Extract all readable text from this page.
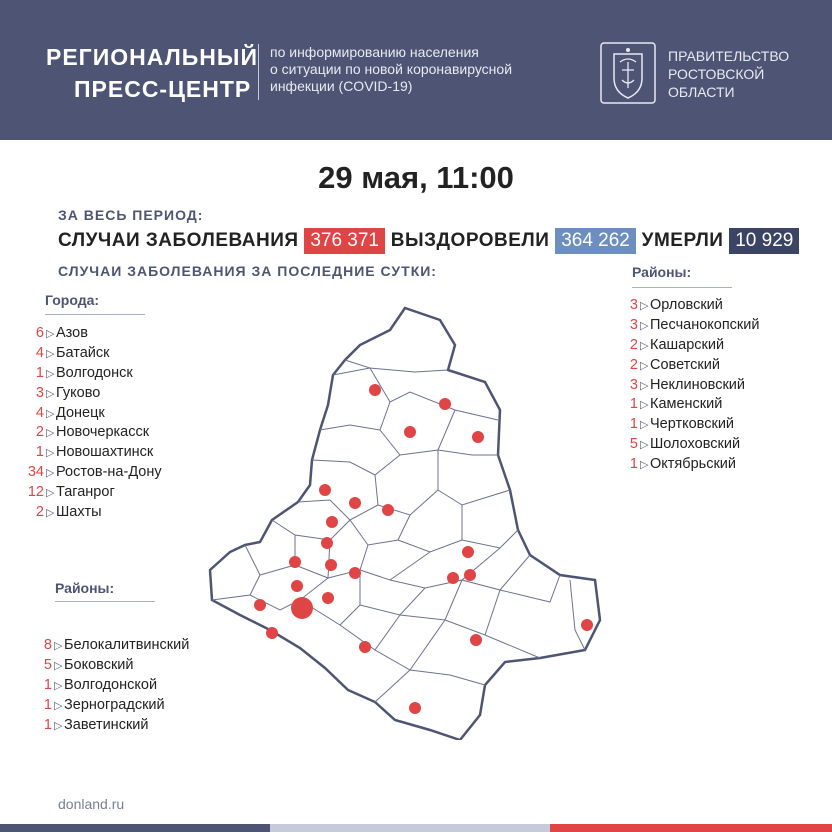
РЕГИОНАЛЬНЫЙ
ПРЕСС-ЦЕНТР
по информированию населения
о ситуации по новой коронавирусной
инфекции (COVID-19)
ПРАВИТЕЛЬСТВО
РОСТОВСКОЙ
ОБЛАСТИ
29 мая, 11:00
ЗА ВЕСЬ ПЕРИОД:
СЛУЧАИ ЗАБОЛЕВАНИЯ 376 371 ВЫЗДОРОВЕЛИ 364 262 УМЕРЛИ 10 929
СЛУЧАИ ЗАБОЛЕВАНИЯ ЗА ПОСЛЕДНИЕ СУТКИ:
Города:
6 ▷ Азов
4 ▷ Батайск
1 ▷ Волгодонск
3 ▷ Гуково
4 ▷ Донецк
2 ▷ Новочеркасск
1 ▷ Новошахтинск
34 ▷ Ростов-на-Дону
12 ▷ Таганрог
2 ▷ Шахты
Районы:
8 ▷ Белокалитвинский
5 ▷ Боковский
1 ▷ Волгодонской
1 ▷ Зерноградский
1 ▷ Заветинский
Районы:
3 ▷ Орловский
3 ▷ Песчанокопский
2 ▷ Кашарский
2 ▷ Советский
3 ▷ Неклиновский
1 ▷ Каменский
1 ▷ Чертковский
5 ▷ Шолоховский
1 ▷ Октябрьский
donland.ru
